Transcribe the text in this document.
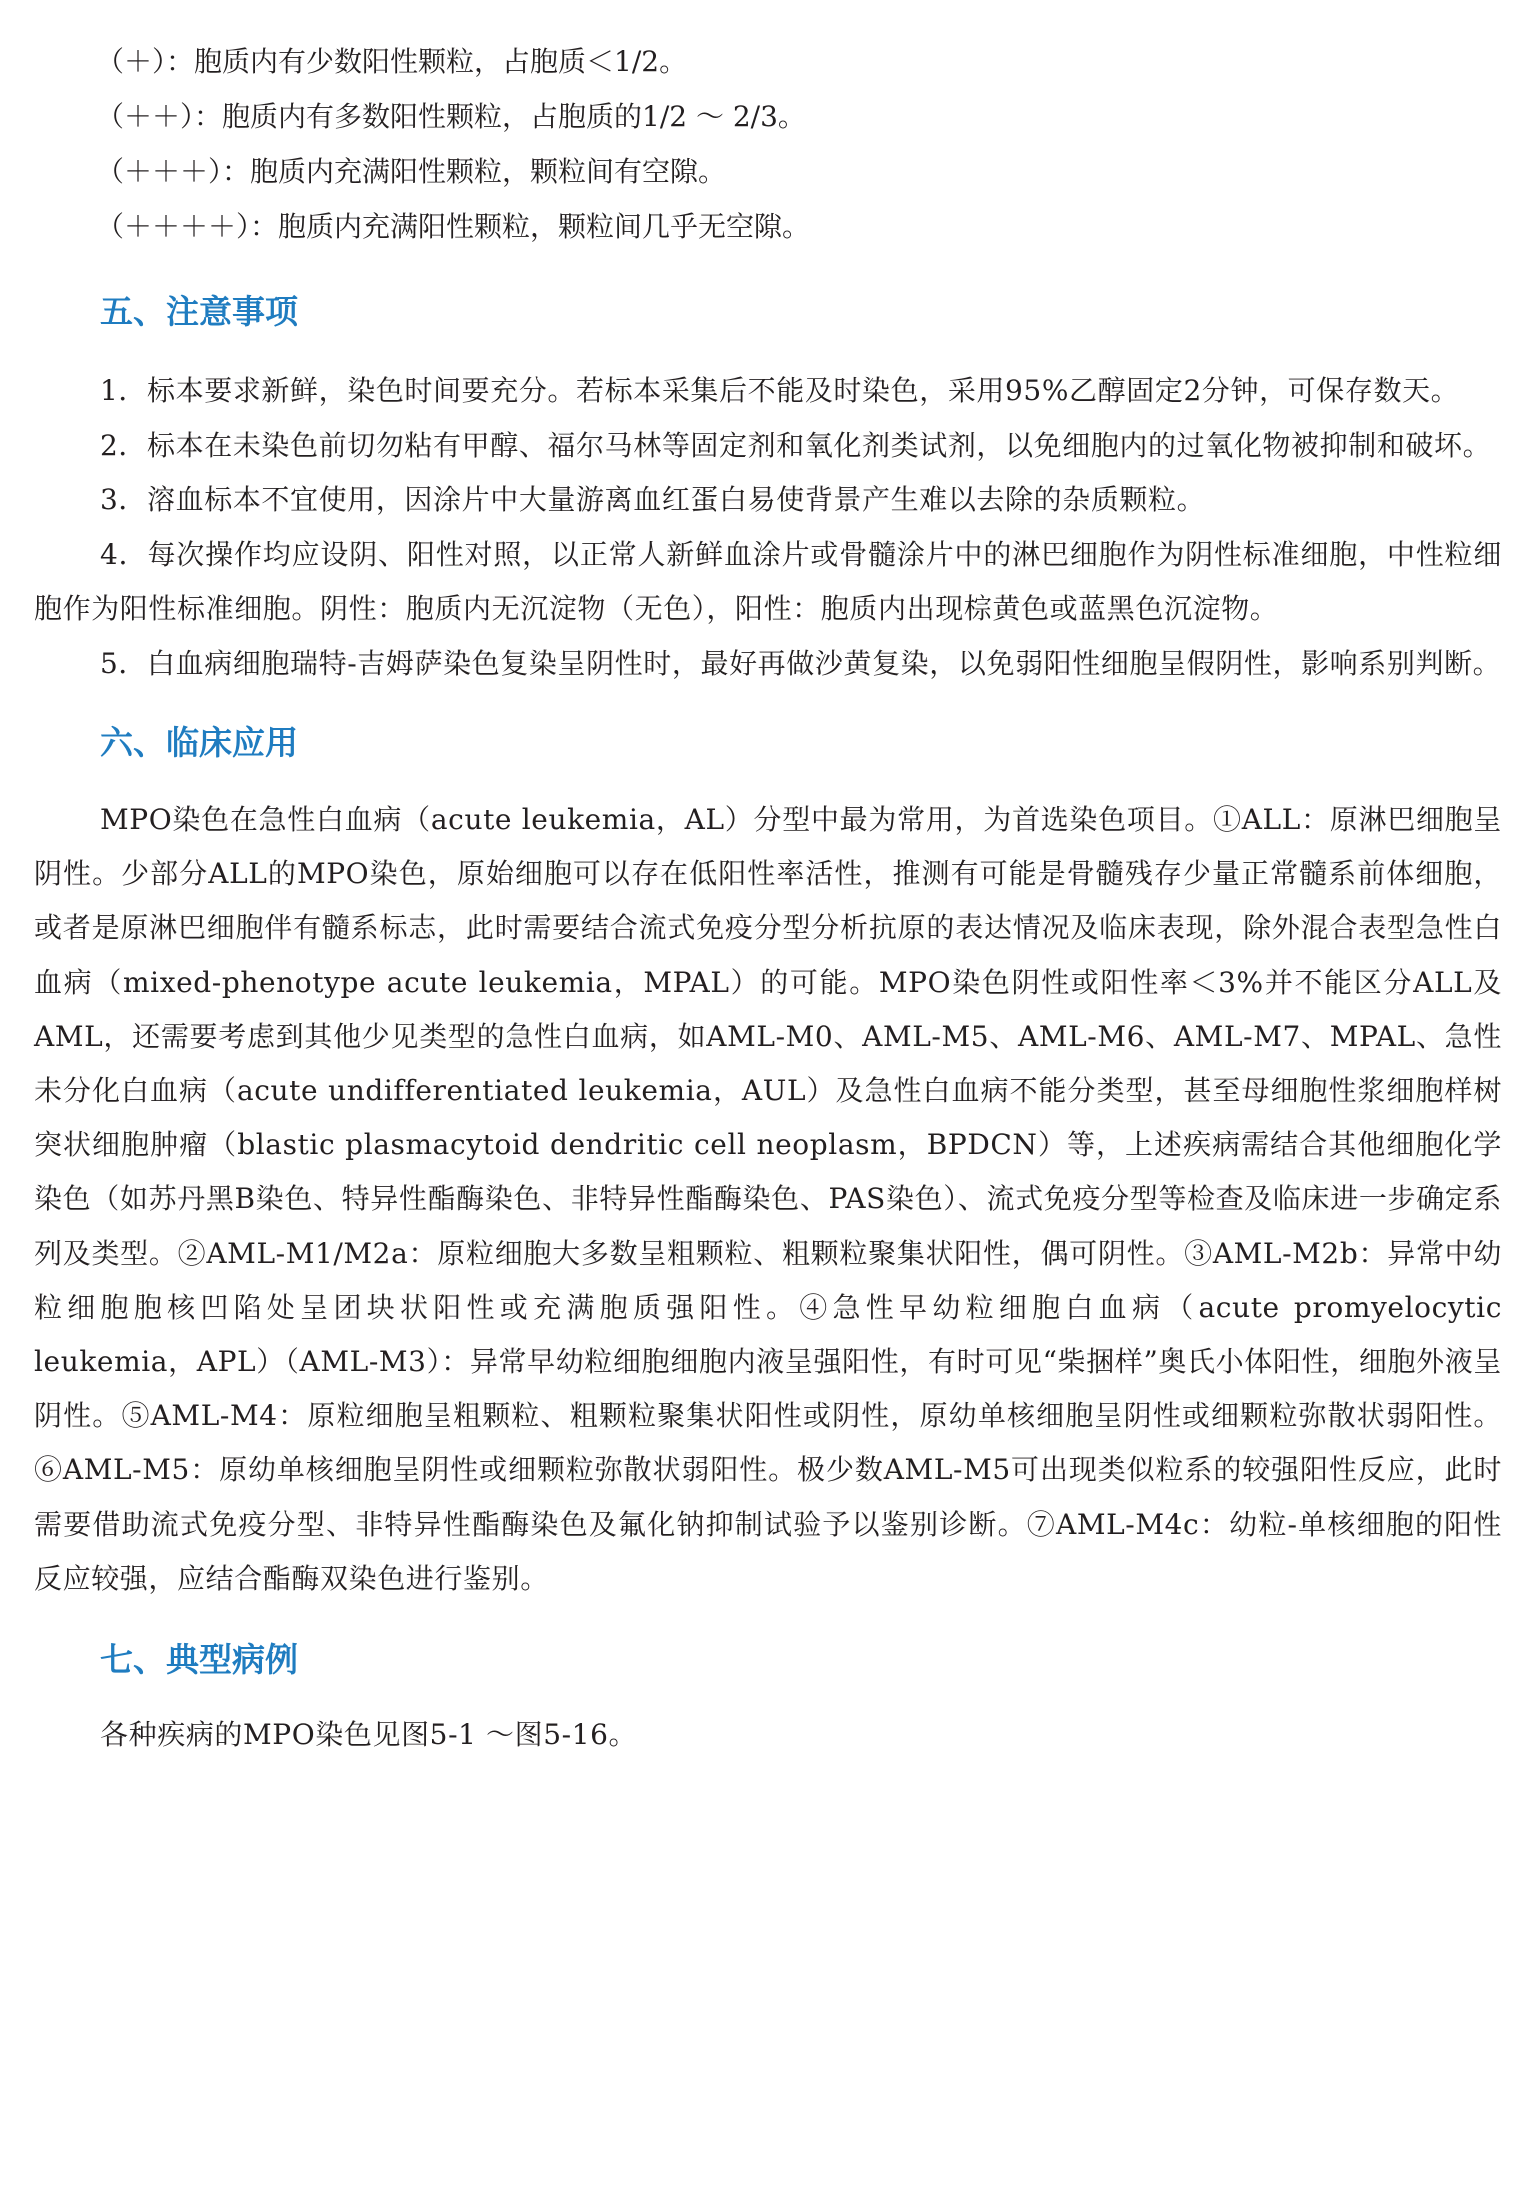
（＋）：胞质内有少数阳性颗粒，占胞质＜1/2。

（＋＋）：胞质内有多数阳性颗粒，占胞质的1/2 ～ 2/3。

（＋＋＋）：胞质内充满阳性颗粒，颗粒间有空隙。

（＋＋＋＋）：胞质内充满阳性颗粒，颗粒间几乎无空隙。

五、注意事项

1．标本要求新鲜，染色时间要充分。若标本采集后不能及时染色，采用95%乙醇固定2分钟，可保存数天。

2．标本在未染色前切勿粘有甲醇、福尔马林等固定剂和氧化剂类试剂，以免细胞内的过氧化物被抑制和破坏。

3．溶血标本不宜使用，因涂片中大量游离血红蛋白易使背景产生难以去除的杂质颗粒。

4．每次操作均应设阴、阳性对照，以正常人新鲜血涂片或骨髓涂片中的淋巴细胞作为阴性标准细胞，中性粒细胞作为阳性标准细胞。阴性：胞质内无沉淀物（无色），阳性：胞质内出现棕黄色或蓝黑色沉淀物。

5．白血病细胞瑞特-吉姆萨染色复染呈阴性时，最好再做沙黄复染，以免弱阳性细胞呈假阴性，影响系别判断。

六、临床应用

MPO染色在急性白血病（acute leukemia，AL）分型中最为常用，为首选染色项目。①ALL：原淋巴细胞呈阴性。少部分ALL的MPO染色，原始细胞可以存在低阳性率活性，推测有可能是骨髓残存少量正常髓系前体细胞，或者是原淋巴细胞伴有髓系标志，此时需要结合流式免疫分型分析抗原的表达情况及临床表现，除外混合表型急性白血病（mixed-phenotype acute leukemia，MPAL）的可能。MPO染色阴性或阳性率＜3%并不能区分ALL及AML，还需要考虑到其他少见类型的急性白血病，如AML-M0、AML-M5、AML-M6、AML-M7、MPAL、急性未分化白血病（acute undifferentiated leukemia，AUL）及急性白血病不能分类型，甚至母细胞性浆细胞样树突状细胞肿瘤（blastic plasmacytoid dendritic cell neoplasm，BPDCN）等，上述疾病需结合其他细胞化学染色（如苏丹黑B染色、特异性酯酶染色、非特异性酯酶染色、PAS染色）、流式免疫分型等检查及临床进一步确定系列及类型。②AML-M1/M2a：原粒细胞大多数呈粗颗粒、粗颗粒聚集状阳性，偶可阴性。③AML-M2b：异常中幼粒细胞胞核凹陷处呈团块状阳性或充满胞质强阳性。④急性早幼粒细胞白血病（acute promyelocytic leukemia，APL）（AML-M3）：异常早幼粒细胞细胞内液呈强阳性，有时可见“柴捆样”奥氏小体阳性，细胞外液呈阴性。⑤AML-M4：原粒细胞呈粗颗粒、粗颗粒聚集状阳性或阴性，原幼单核细胞呈阴性或细颗粒弥散状弱阳性。⑥AML-M5：原幼单核细胞呈阴性或细颗粒弥散状弱阳性。极少数AML-M5可出现类似粒系的较强阳性反应，此时需要借助流式免疫分型、非特异性酯酶染色及氟化钠抑制试验予以鉴别诊断。⑦AML-M4c：幼粒-单核细胞的阳性反应较强，应结合酯酶双染色进行鉴别。

七、典型病例

各种疾病的MPO染色见图5-1 ～图5-16。
